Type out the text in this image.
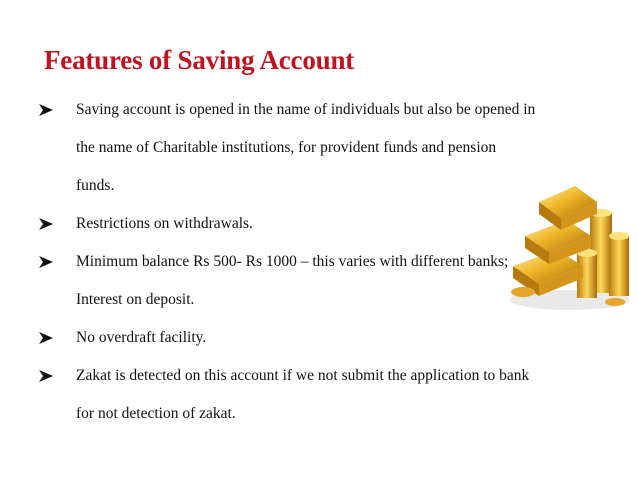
Features of Saving Account
Saving account is opened in the name of individuals but also be opened in the name of Charitable institutions, for provident funds and pension funds.
Restrictions on withdrawals.
Minimum balance Rs 500- Rs 1000 – this varies with different banks; Interest on deposit.
No overdraft facility.
Zakat is detected on this account if we not submit the application to bank for not detection of zakat.
